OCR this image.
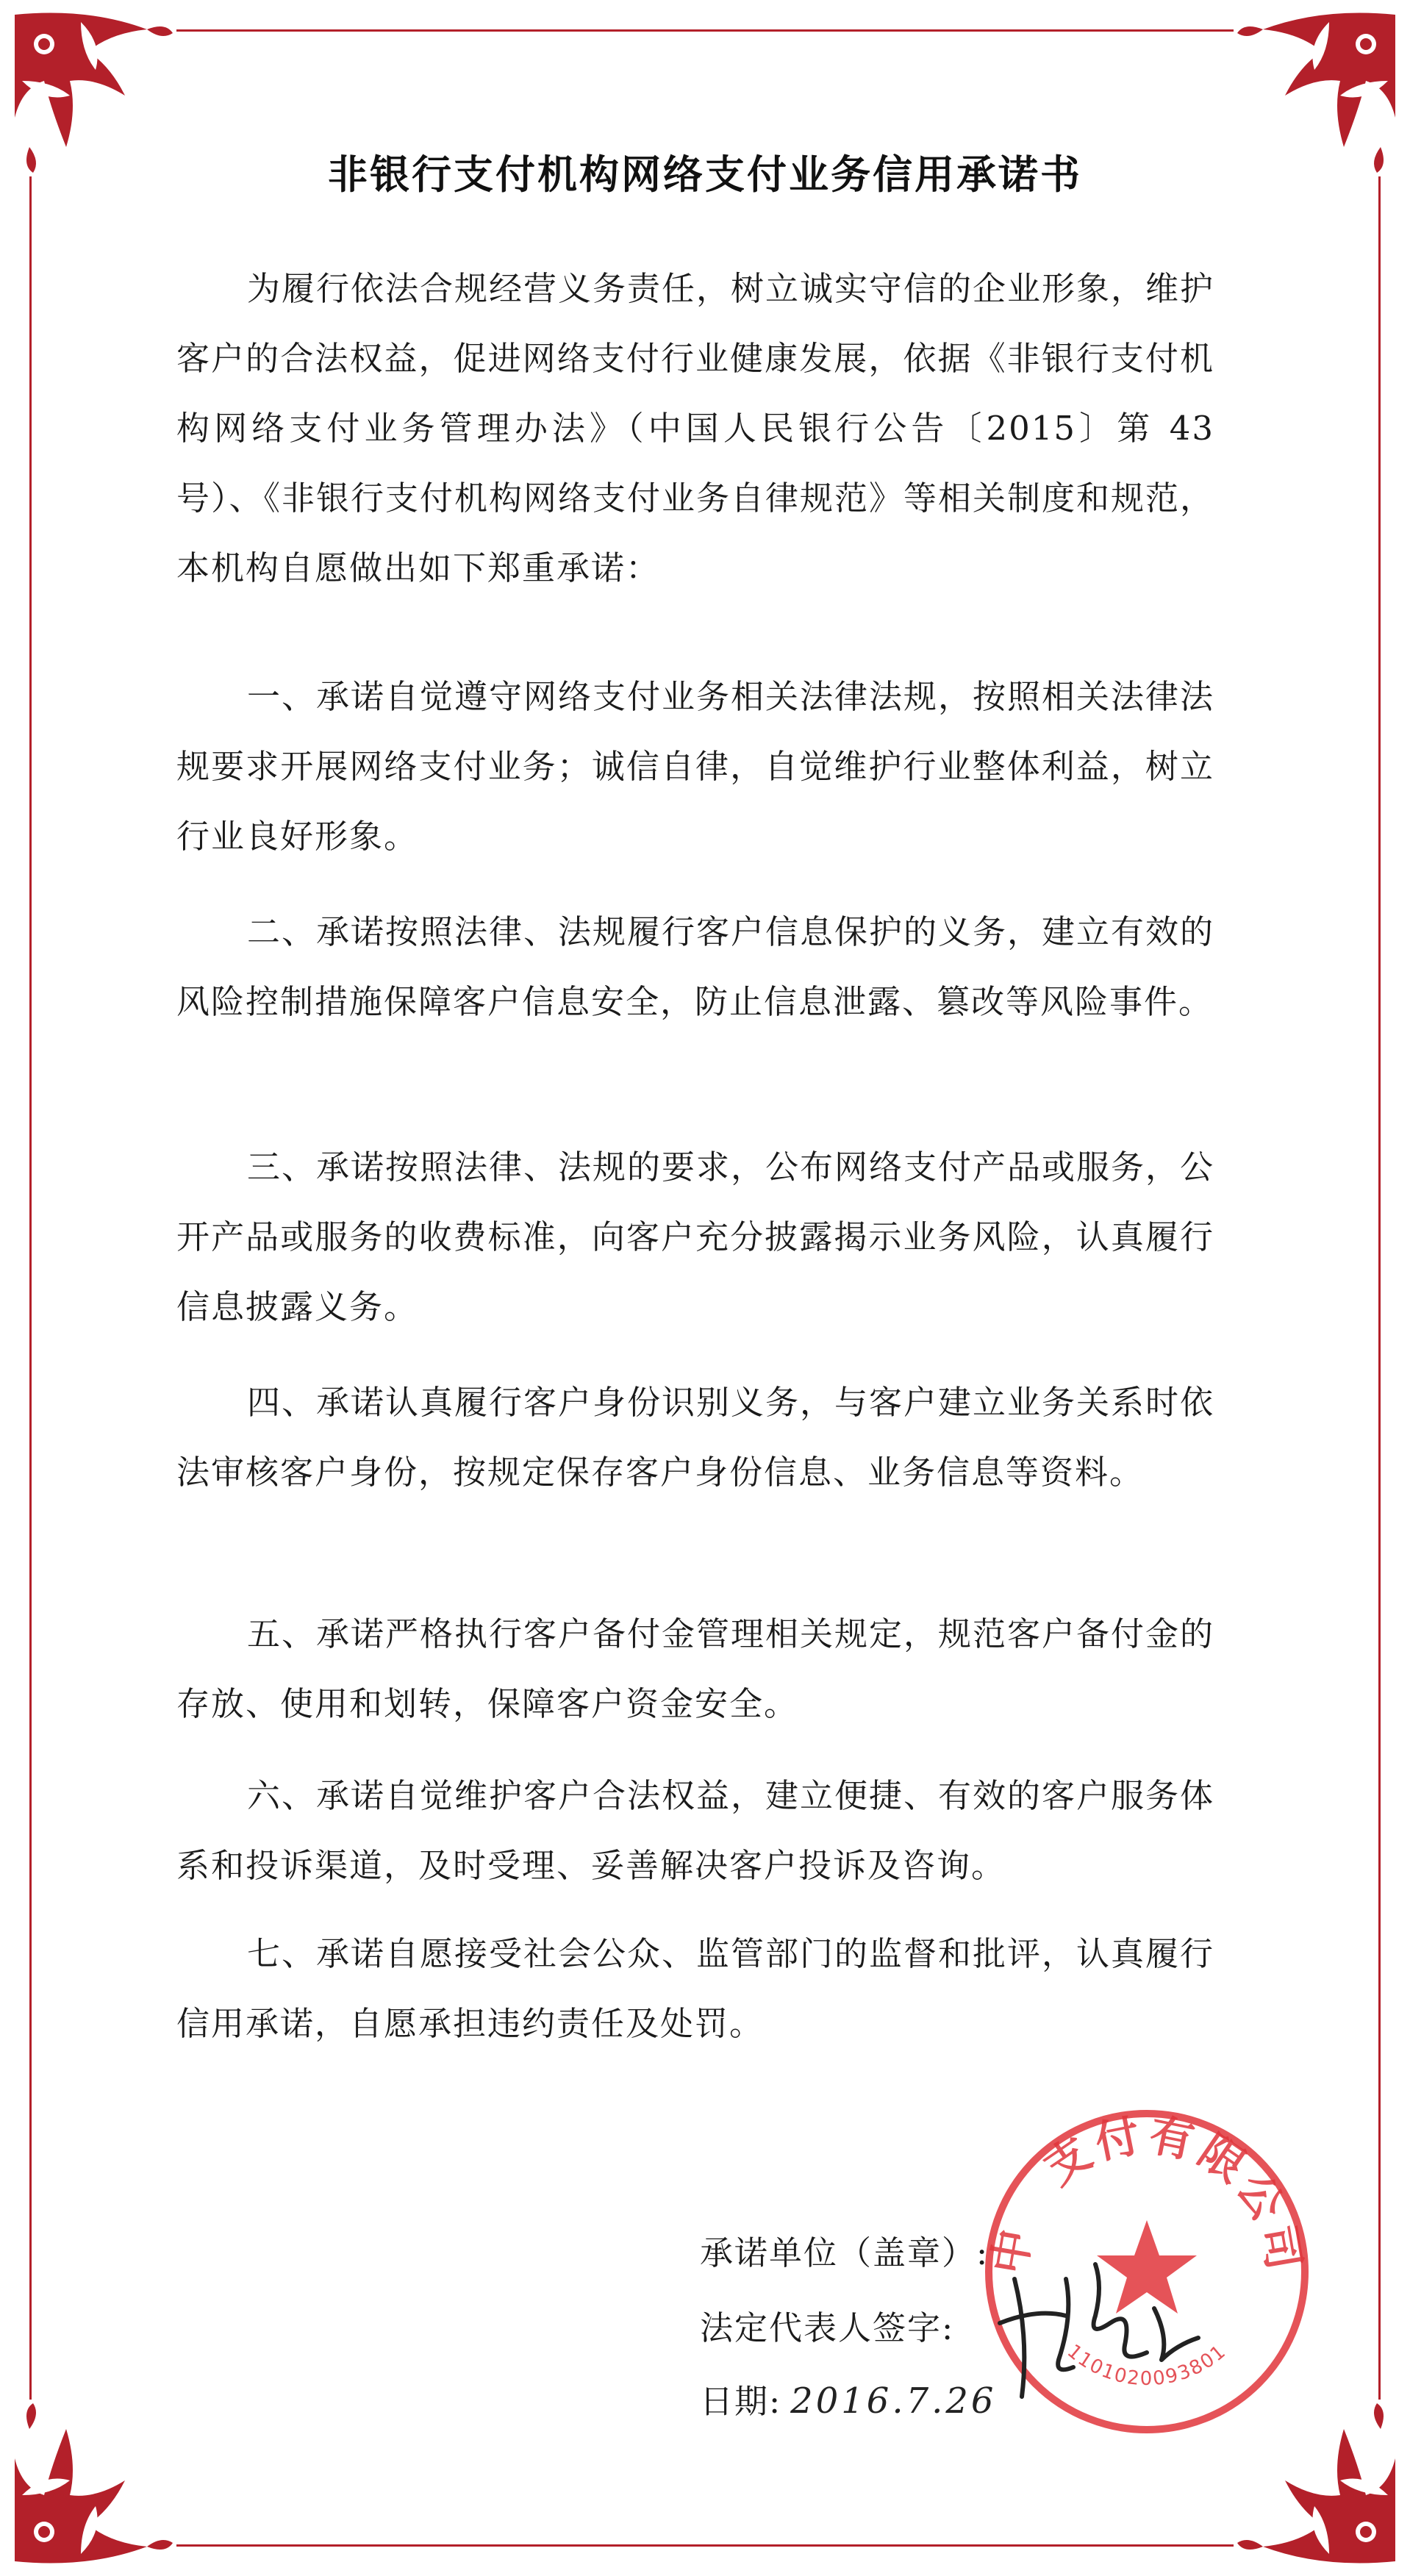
非银行支付机构网络支付业务信用承诺书

为履行依法合规经营义务责任，树立诚实守信的企业形象，维护客户的合法权益，促进网络支付行业健康发展，依据《非银行支付机构网络支付业务管理办法》（中国人民银行公告〔2015〕第 43 号）、《非银行支付机构网络支付业务自律规范》等相关制度和规范，本机构自愿做出如下郑重承诺：

一、承诺自觉遵守网络支付业务相关法律法规，按照相关法律法规要求开展网络支付业务；诚信自律，自觉维护行业整体利益，树立行业良好形象。

二、承诺按照法律、法规履行客户信息保护的义务，建立有效的风险控制措施保障客户信息安全，防止信息泄露、篡改等风险事件。

三、承诺按照法律、法规的要求，公布网络支付产品或服务，公开产品或服务的收费标准，向客户充分披露揭示业务风险，认真履行信息披露义务。

四、承诺认真履行客户身份识别义务，与客户建立业务关系时依法审核客户身份，按规定保存客户身份信息、业务信息等资料。

五、承诺严格执行客户备付金管理相关规定，规范客户备付金的存放、使用和划转，保障客户资金安全。

六、承诺自觉维护客户合法权益，建立便捷、有效的客户服务体系和投诉渠道，及时受理、妥善解决客户投诉及咨询。

七、承诺自愿接受社会公众、监管部门的监督和批评，认真履行信用承诺，自愿承担违约责任及处罚。

承诺单位（盖章）:
法定代表人签字:
日期: 2016.7.26
中　支付有限公司
1101020093801
